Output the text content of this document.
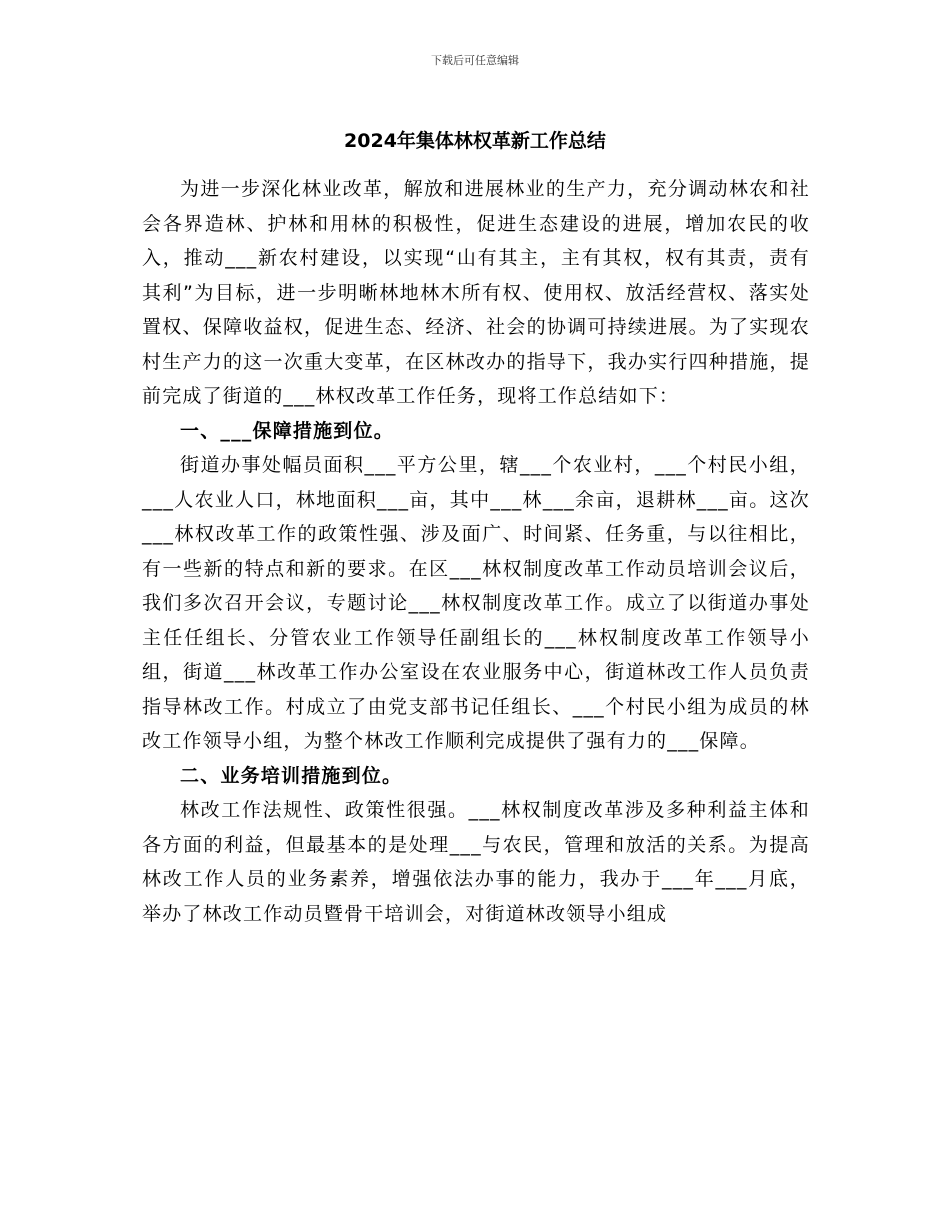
下载后可任意编辑
2024年集体林权革新工作总结

为进一步深化林业改革，解放和进展林业的生产力，充分调动林农和社会各界造林、护林和用林的积极性，促进生态建设的进展，增加农民的收入，推动___新农村建设，以实现“山有其主，主有其权，权有其责，责有其利”为目标，进一步明晰林地林木所有权、使用权、放活经营权、落实处置权、保障收益权，促进生态、经济、社会的协调可持续进展。为了实现农村生产力的这一次重大变革，在区林改办的指导下，我办实行四种措施，提前完成了街道的___林权改革工作任务，现将工作总结如下：

一、___保障措施到位。

街道办事处幅员面积___平方公里，辖___个农业村，___个村民小组，___人农业人口，林地面积___亩，其中___林___余亩，退耕林___亩。这次___林权改革工作的政策性强、涉及面广、时间紧、任务重，与以往相比，有一些新的特点和新的要求。在区___林权制度改革工作动员培训会议后，我们多次召开会议，专题讨论___林权制度改革工作。成立了以街道办事处主任任组长、分管农业工作领导任副组长的___林权制度改革工作领导小组，街道___林改革工作办公室设在农业服务中心，街道林改工作人员负责指导林改工作。村成立了由党支部书记任组长、___个村民小组为成员的林改工作领导小组，为整个林改工作顺利完成提供了强有力的___保障。

二、业务培训措施到位。

林改工作法规性、政策性很强。___林权制度改革涉及多种利益主体和各方面的利益，但最基本的是处理___与农民，管理和放活的关系。为提高林改工作人员的业务素养，增强依法办事的能力，我办于___年___月底，举办了林改工作动员暨骨干培训会，对街道林改领导小组成
